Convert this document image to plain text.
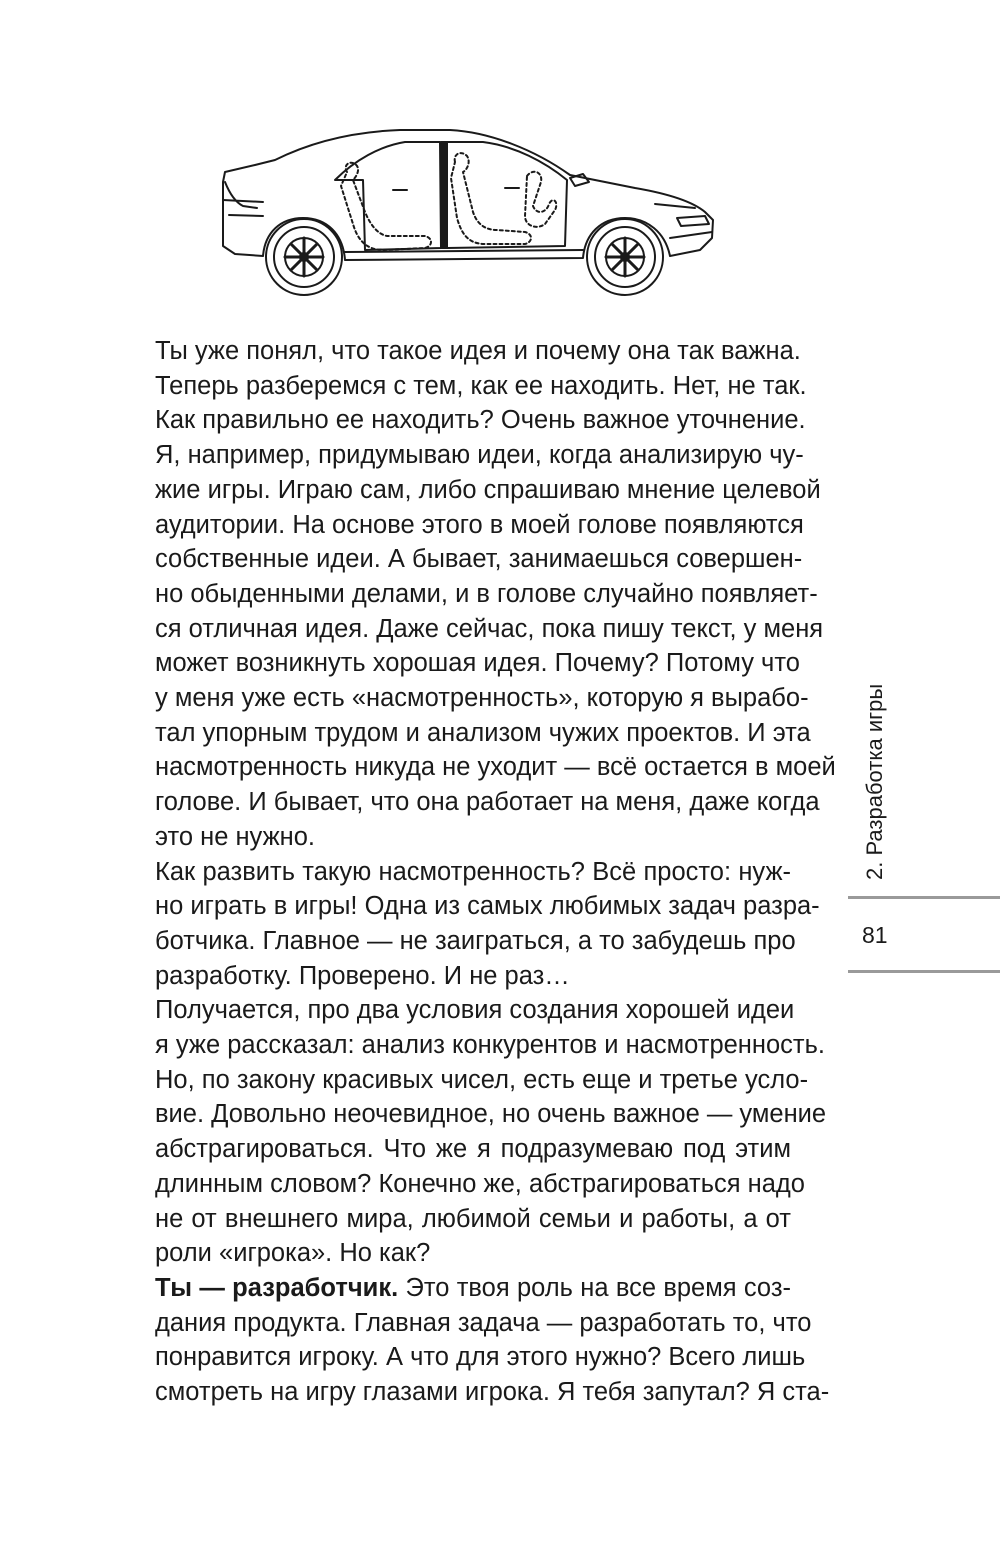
Ты уже понял, что такое идея и почему она так важна.
Теперь разберемся с тем, как ее находить. Нет, не так.
Как правильно ее находить? Очень важное уточнение.
Я, например, придумываю идеи, когда анализирую чу-
жие игры. Играю сам, либо спрашиваю мнение целевой
аудитории. На основе этого в моей голове появляются
собственные идеи. А бывает, занимаешься совершен-
но обыденными делами, и в голове случайно появляет-
ся отличная идея. Даже сейчас, пока пишу текст, у меня
может возникнуть хорошая идея. Почему? Потому что
у меня уже есть «насмотренность», которую я вырабо-
тал упорным трудом и анализом чужих проектов. И эта
насмотренность никуда не уходит — всё остается в моей
голове. И бывает, что она работает на меня, даже когда
это не нужно.

Как развить такую насмотренность? Всё просто: нуж-
но играть в игры! Одна из самых любимых задач разра-
ботчика. Главное — не заиграться, а то забудешь про
разработку. Проверено. И не раз…

Получается, про два условия создания хорошей идеи
я уже рассказал: анализ конкурентов и насмотренность.
Но, по закону красивых чисел, есть еще и третье усло-
вие. Довольно неочевидное, но очень важное — умение
абстрагироваться. Что же я подразумеваю под этим
длинным словом? Конечно же, абстрагироваться надо
не от внешнего мира, любимой семьи и работы, а от
роли «игрока». Но как?

Ты — разработчик. Это твоя роль на все время соз-
дания продукта. Главная задача — разработать то, что
понравится игроку. А что для этого нужно? Всего лишь
смотреть на игру глазами игрока. Я тебя запутал? Я ста-

2. Разработка игры
81
